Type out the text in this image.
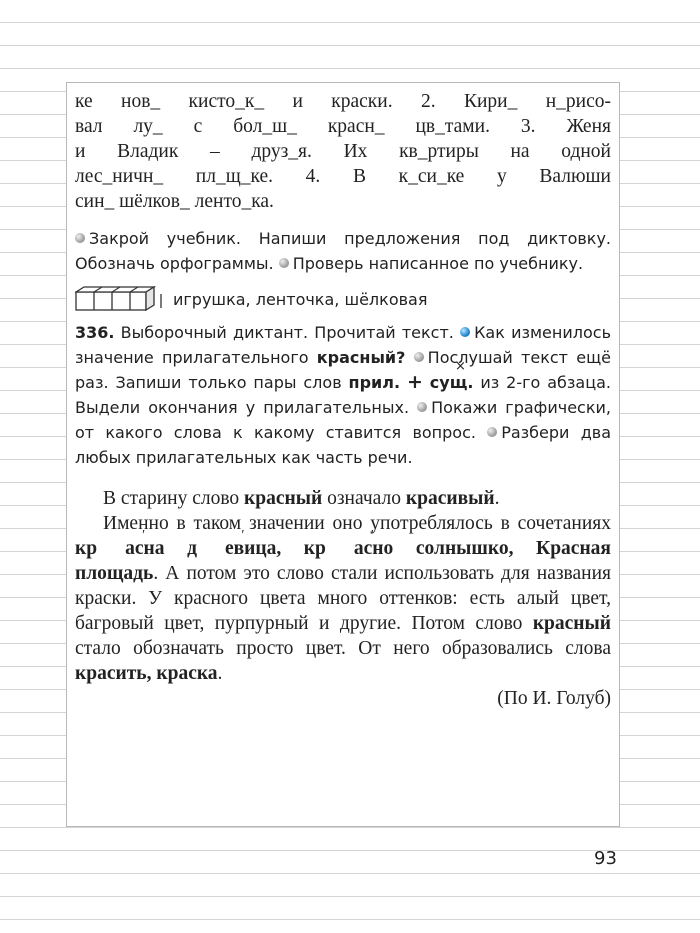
ке нов_ кисто_к_ и краски. 2. Кири_ н_рисо-
вал лу_ с бол_ш_ красн_ цв_тами. 3. Женя
и Владик – друз_я. Их кв_ртиры на одной
лес_ничн_ пл_щ_ке. 4. В к_си_ке у Валюши
син_ шёлков_ ленто_ка.

Закрой учебник. Напиши предложения под диктовку. Обозначь орфограммы. Проверь написанное по учебнику.

игрушка, ленточка, шёлковая

336. Выборочный диктант. Прочитай текст. Как изменилось значение прилагательного красный? Послушай текст ещё раз. Запиши только пары слов прил. + су× щ. из 2-го абзаца. Выдели окончания у прилагательных. Покажи графически, от какого слова к какому ставится вопрос. Разбери два любых прилагательных как часть речи.

В старину слово красный означало красивый.

Именно в таком значении оно употреблялось в сочетаниях кр а ′сна д е ′вица, кр а ′сно солнышко, Красная площадь. А потом это слово стали использовать для названия краски. У красного цвета много оттенков: есть алый цвет, багровый цвет, пурпурный и другие. Потом слово красный стало обозначать просто цвет. От него образовались слова красить, краска.

(По И. Голуб)
93
